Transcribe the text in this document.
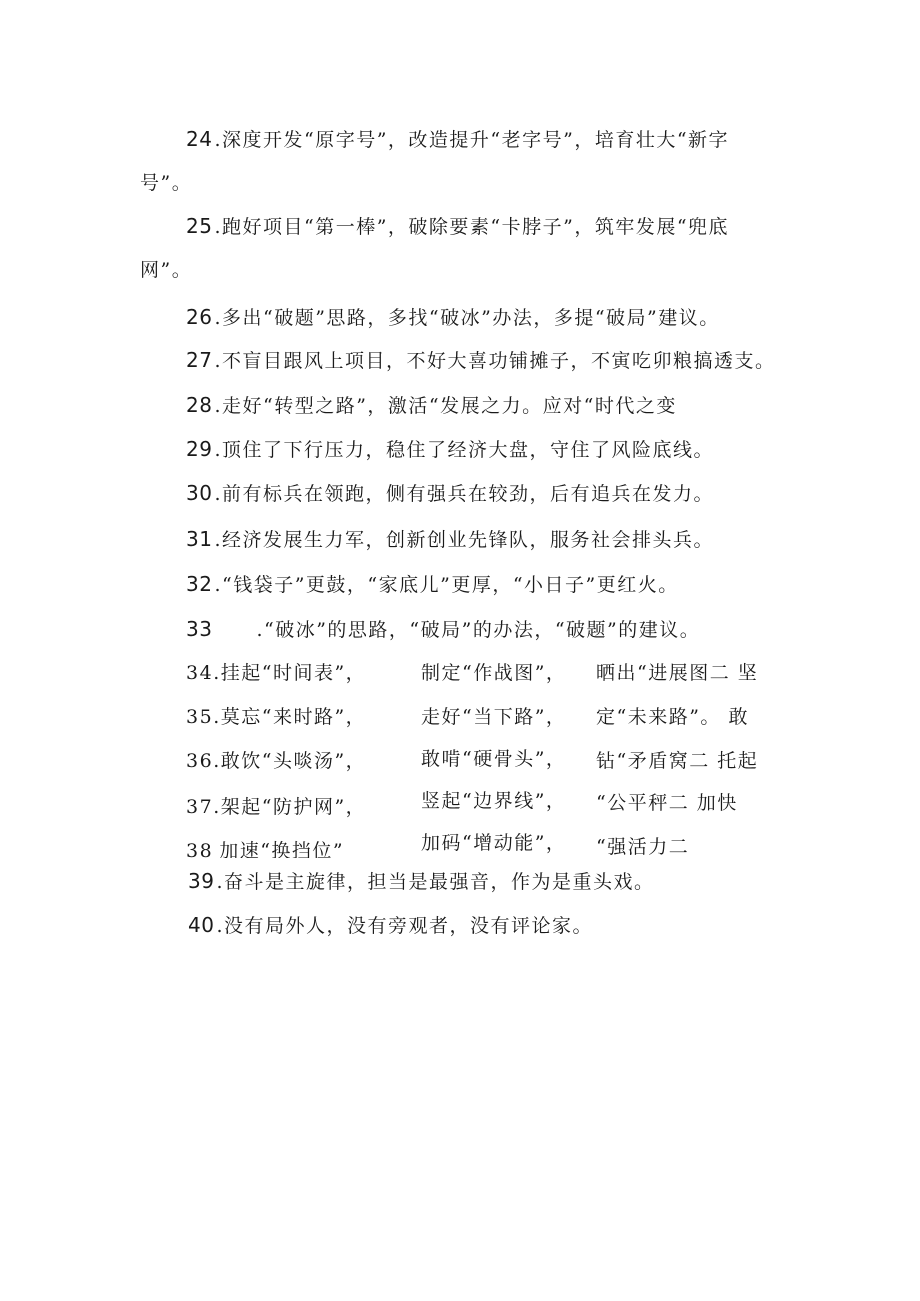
24 .深度开发“原字号”，改造提升“老字号”，培育壮大“新字
号”。
25 .跑好项目“第一棒”，破除要素“卡脖子”，筑牢发展“兜底
网”。
26 .多出“破题”思路，多找“破冰”办法，多提“破局”建议。
27 .不盲目跟风上项目，不好大喜功铺摊子，不寅吃卯粮搞透支。
28 .走好“转型之路”，激活“发展之力。应对“时代之变
29 .顶住了下行压力，稳住了经济大盘，守住了风险底线。
30 .前有标兵在领跑，侧有强兵在较劲，后有追兵在发力。
31 .经济发展生力军，创新创业先锋队，服务社会排头兵。
32 .“钱袋子”更鼓，“家底儿”更厚，“小日子”更红火。
33 .“破冰”的思路，“破局”的办法，“破题”的建议。
34.挂起“时间表”，	制定“作战图”， 晒出“进展图二 坚
35.莫忘“来时路”，	走好“当下路”， 定“未来路”。 敢
36.敢饮“头啖汤”，	敢啃“硬骨头”， 钻“矛盾窝二 托起
37.架起“防护网”，	竖起“边界线”， “公平秤二 加快
38 加速“换挡位”	加码“增动能”， “强活力二
39 .奋斗是主旋律，担当是最强音，作为是重头戏。
40 .没有局外人，没有旁观者，没有评论家。
